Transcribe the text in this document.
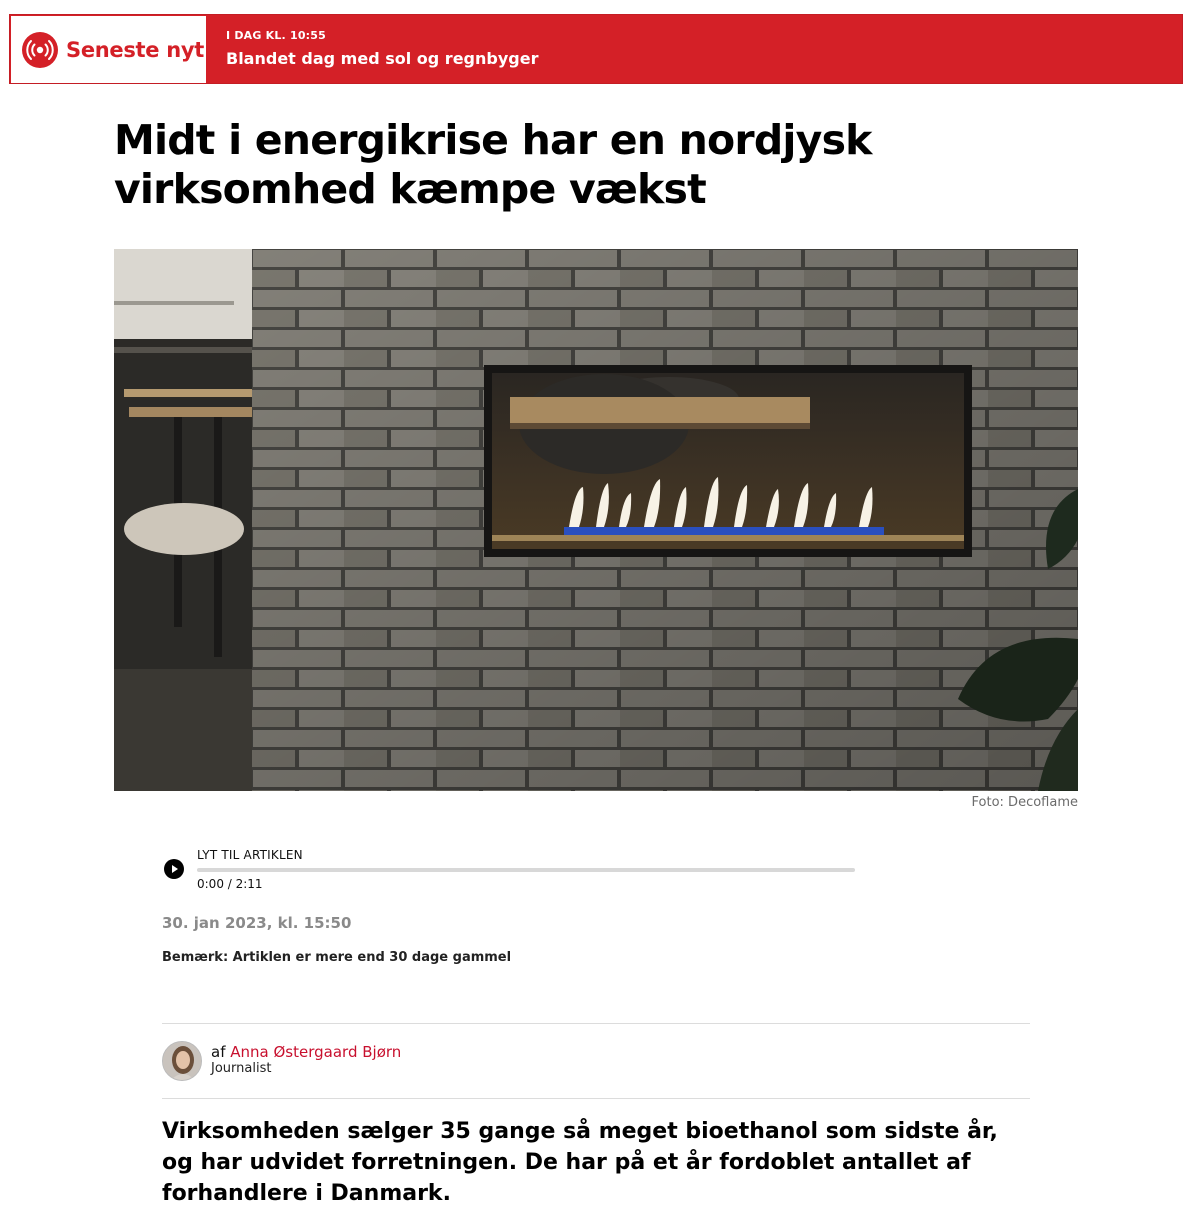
Seneste nyt
I DAG KL. 10:55
Blandet dag med sol og regnbyger
Midt i energikrise har en nordjysk virksomhed kæmpe vækst
Foto: Decoflame
LYT TIL ARTIKLEN
0:00 / 2:11
30. jan 2023, kl. 15:50
Bemærk: Artiklen er mere end 30 dage gammel
af Anna Østergaard Bjørn
Journalist

Virksomheden sælger 35 gange så meget bioethanol som sidste år, og har udvidet forretningen. De har på et år fordoblet antallet af forhandlere i Danmark.
